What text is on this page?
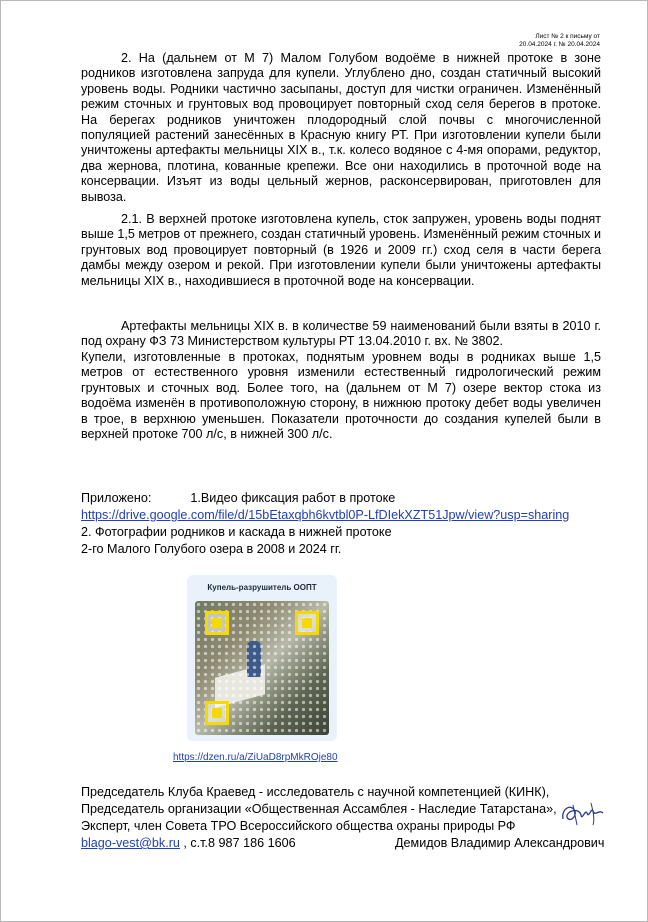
Лист № 2 к письму от
20.04.2024 г. № 20.04.2024
2. На (дальнем от М 7) Малом Голубом водоёме в нижней протоке в зоне родников изготовлена запруда для купели. Углублено дно, создан статичный высокий уровень воды. Родники частично засыпаны, доступ для чистки ограничен. Изменённый режим сточных и грунтовых вод провоцирует повторный сход селя берегов в протоке. На берегах родников уничтожен плодородный слой почвы с многочисленной популяцией растений занесённых в Красную книгу РТ. При изготовлении купели были уничтожены артефакты мельницы XIX в., т.к. колесо водяное с 4-мя опорами, редуктор, два жернова, плотина, кованные крепежи. Все они находились в проточной воде на консервации. Изъят из воды цельный жернов, расконсервирован, приготовлен для вывоза.
2.1. В верхней протоке изготовлена купель, сток запружен, уровень воды поднят выше 1,5 метров от прежнего, создан статичный уровень. Изменённый режим сточных и грунтовых вод провоцирует повторный (в 1926 и 2009 гг.) сход селя в части берега дамбы между озером и рекой. При изготовлении купели были уничтожены артефакты мельницы XIX в., находившиеся в проточной воде на консервации.
Артефакты мельницы XIX в. в количестве 59 наименований были взяты в 2010 г. под охрану ФЗ 73 Министерством культуры РТ 13.04.2010 г. вх. № 3802.
Купели, изготовленные в протоках, поднятым уровнем воды в родниках выше 1,5 метров от естественного уровня изменили естественный гидрологический режим грунтовых и сточных вод. Более того, на (дальнем от М 7) озере вектор стока из водоёма изменён в противоположную сторону, в нижнюю протоку дебет воды увеличен в трое, в верхнюю уменьшен. Показатели проточности до создания купелей были в верхней протоке 700 л/с, в нижней 300 л/с.
Приложено:	1.Видео фиксация работ в протоке
https://drive.google.com/file/d/15bEtaxqbh6kvtbl0P-LfDIekXZT51Jpw/view?usp=sharing
2. Фотографии родников и каскада в нижней протоке
2-го Малого Голубого озера в 2008 и 2024 гг.
Купель-разрушитель ООПТ
https://dzen.ru/a/ZiUaD8rpMkROje80
Председатель Клуба Краевед - исследователь с научной компетенцией (КИНК),
Председатель организации «Общественная Ассамблея - Наследие Татарстана»,
Эксперт, член Совета ТРО Всероссийского общества охраны природы РФ
blago-vest@bk.ru , с.т.8 987 186 1606	Демидов Владимир Александрович
